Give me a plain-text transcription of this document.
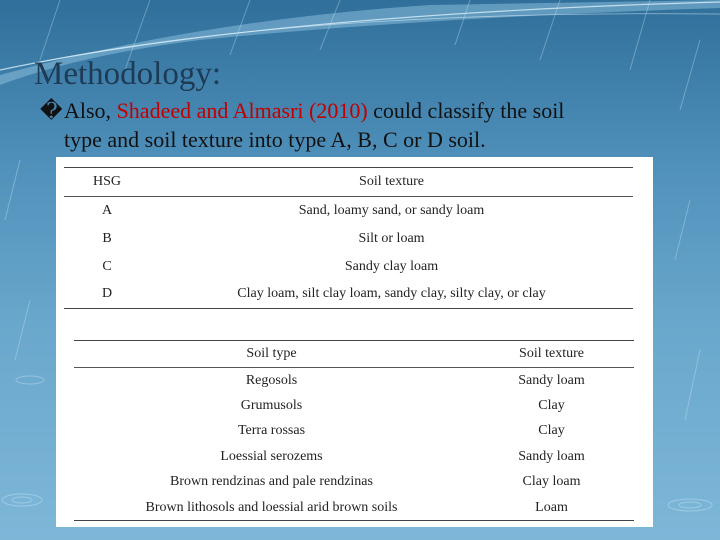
Methodology:
�Also, Shadeed and Almasri (2010) could classify the soil
type and soil texture into type A, B, C or D soil.
HSG	Soil texture
A	Sand, loamy sand, or sandy loam
B	Silt or loam
C	Sandy clay loam
D	Clay loam, silt clay loam, sandy clay, silty clay, or clay
Soil type	Soil texture
Regosols	Sandy loam
Grumusols	Clay
Terra rossas	Clay
Loessial serozems	Sandy loam
Brown rendzinas and pale rendzinas	Clay loam
Brown lithosols and loessial arid brown soils	Loam
